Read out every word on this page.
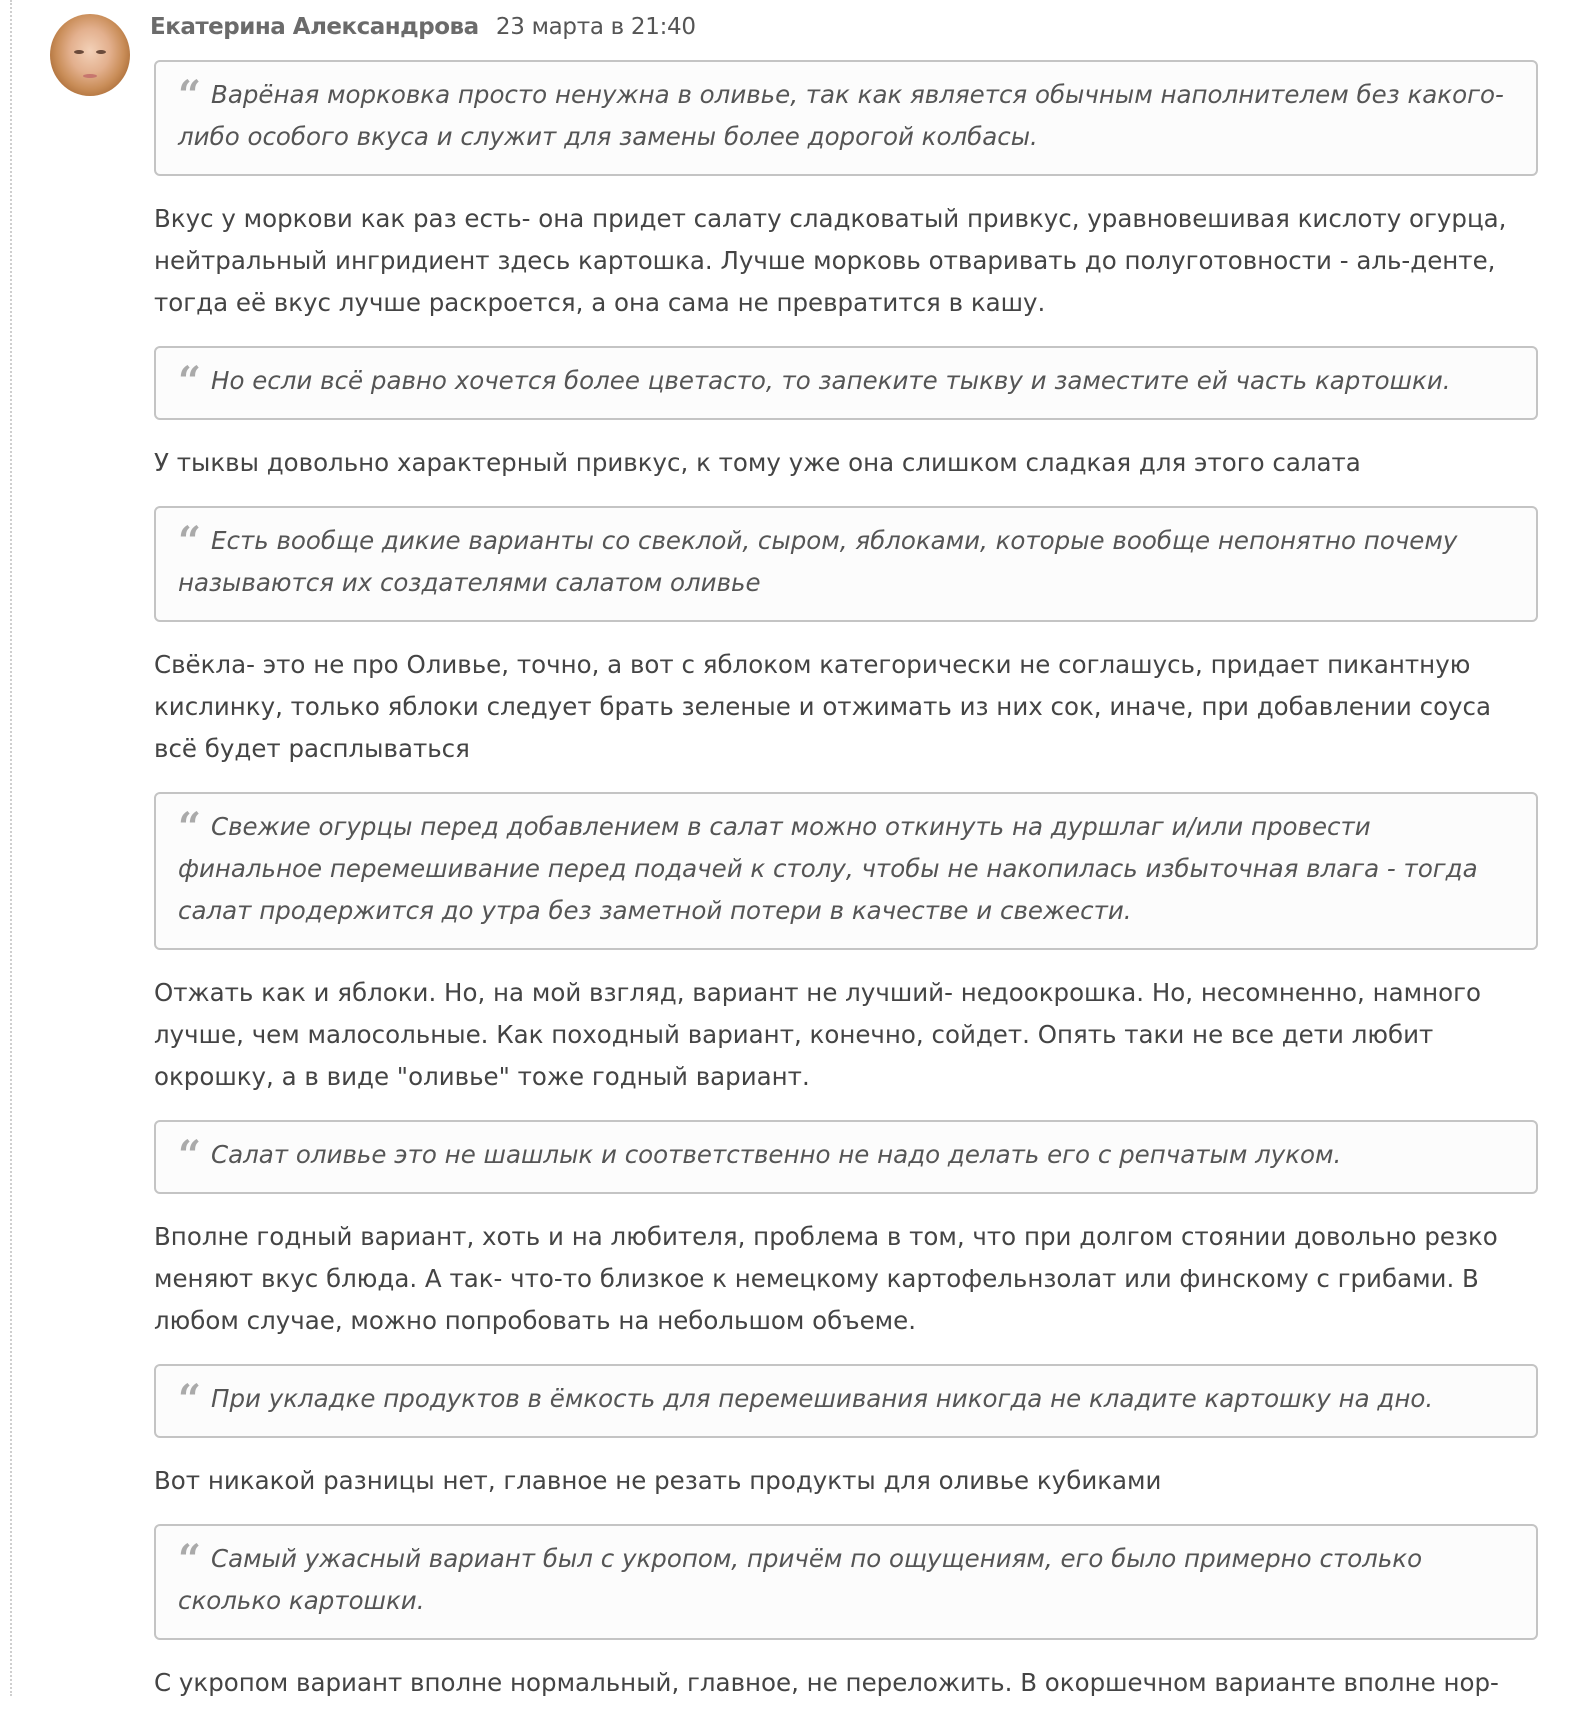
Екатерина Александрова 23 марта в 21:40
“ Варёная морковка просто ненужна в оливье, так как является обычным наполнителем без какого-либо особого вкуса и служит для замены более дорогой колбасы.
Вкус у моркови как раз есть- она придет салату сладковатый привкус, уравновешивая кислоту огурца, нейтральный ингридиент здесь картошка. Лучше морковь отваривать до полуготовности - аль-денте, тогда её вкус лучше раскроется, а она сама не превратится в кашу.
“ Но если всё равно хочется более цветасто, то запеките тыкву и заместите ей часть картошки.
У тыквы довольно характерный привкус, к тому уже она слишком сладкая для этого салата
“ Есть вообще дикие варианты со свеклой, сыром, яблоками, которые вообще непонятно почему называются их создателями салатом оливье
Свёкла- это не про Оливье, точно, а вот с яблоком категорически не соглашусь, придает пикантную кислинку, только яблоки следует брать зеленые и отжимать из них сок, иначе, при добавлении соуса всё будет расплываться
“ Свежие огурцы перед добавлением в салат можно откинуть на дуршлаг и/или провести финальное перемешивание перед подачей к столу, чтобы не накопилась избыточная влага - тогда салат продержится до утра без заметной потери в качестве и свежести.
Отжать как и яблоки. Но, на мой взгляд, вариант не лучший- недоокрошка. Но, несомненно, намного лучше, чем малосольные. Как походный вариант, конечно, сойдет. Опять таки не все дети любит окрошку, а в виде "оливье" тоже годный вариант.
“ Салат оливье это не шашлык и соответственно не надо делать его с репчатым луком.
Вполне годный вариант, хоть и на любителя, проблема в том, что при долгом стоянии довольно резко меняют вкус блюда. А так- что-то близкое к немецкому картофельнзолат или финскому с грибами. В любом случае, можно попробовать на небольшом объеме.
“ При укладке продуктов в ёмкость для перемешивания никогда не кладите картошку на дно.
Вот никакой разницы нет, главное не резать продукты для оливье кубиками
“ Самый ужасный вариант был с укропом, причём по ощущениям, его было примерно столько сколько картошки.
С укропом вариант вполне нормальный, главное, не переложить. В окоршечном варианте вполне нор-
